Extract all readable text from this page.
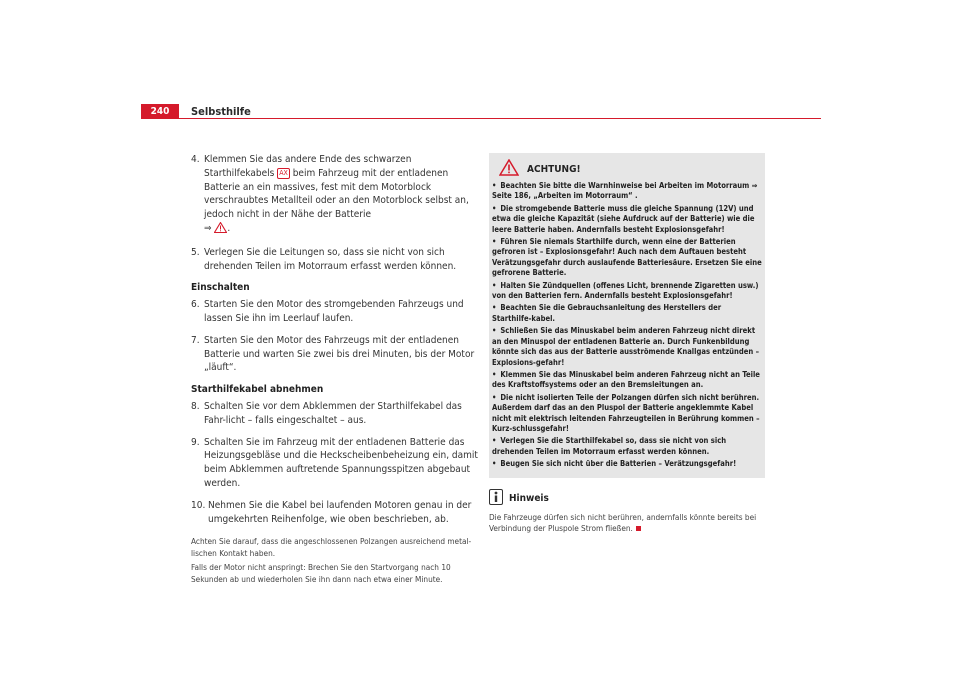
240	Selbsthilfe
4. Klemmen Sie das andere Ende des schwarzen Starthilfekabels AX beim Fahrzeug mit der entladenen Batterie an ein massives, fest mit dem Motorblock verschraubtes Metallteil oder an den Motorblock selbst an, jedoch nicht in der Nähe der Batterie
⇒ .
5. Verlegen Sie die Leitungen so, dass sie nicht von sich drehenden Teilen im Motorraum erfasst werden können.
Einschalten
6. Starten Sie den Motor des stromgebenden Fahrzeugs und lassen Sie ihn im Leerlauf laufen.
7. Starten Sie den Motor des Fahrzeugs mit der entladenen Batterie und warten Sie zwei bis drei Minuten, bis der Motor „läuft“.
Starthilfekabel abnehmen
8. Schalten Sie vor dem Abklemmen der Starthilfekabel das Fahr-licht – falls eingeschaltet – aus.
9. Schalten Sie im Fahrzeug mit der entladenen Batterie das Heizungsgebläse und die Heckscheibenbeheizung ein, damit beim Abklemmen auftretende Spannungsspitzen abgebaut werden.
10. Nehmen Sie die Kabel bei laufenden Motoren genau in der umgekehrten Reihenfolge, wie oben beschrieben, ab.

Achten Sie darauf, dass die angeschlossenen Polzangen ausreichend metal-lischen Kontakt haben.

Falls der Motor nicht anspringt: Brechen Sie den Startvorgang nach 10 Sekunden ab und wiederholen Sie ihn dann nach etwa einer Minute.

ACHTUNG!
• Beachten Sie bitte die Warnhinweise bei Arbeiten im Motorraum ⇒ Seite 186, „Arbeiten im Motorraum“ .
• Die stromgebende Batterie muss die gleiche Spannung (12V) und etwa die gleiche Kapazität (siehe Aufdruck auf der Batterie) wie die leere Batterie haben. Andernfalls besteht Explosionsgefahr!
• Führen Sie niemals Starthilfe durch, wenn eine der Batterien gefroren ist – Explosionsgefahr! Auch nach dem Auftauen besteht Verätzungsgefahr durch auslaufende Batteriesäure. Ersetzen Sie eine gefrorene Batterie.
• Halten Sie Zündquellen (offenes Licht, brennende Zigaretten usw.) von den Batterien fern. Andernfalls besteht Explosionsgefahr!
• Beachten Sie die Gebrauchsanleitung des Herstellers der Starthilfe-kabel.
• Schließen Sie das Minuskabel beim anderen Fahrzeug nicht direkt an den Minuspol der entladenen Batterie an. Durch Funkenbildung könnte sich das aus der Batterie ausströmende Knallgas entzünden – Explosions-gefahr!
• Klemmen Sie das Minuskabel beim anderen Fahrzeug nicht an Teile des Kraftstoffsystems oder an den Bremsleitungen an.
• Die nicht isolierten Teile der Polzangen dürfen sich nicht berühren. Außerdem darf das an den Pluspol der Batterie angeklemmte Kabel nicht mit elektrisch leitenden Fahrzeugteilen in Berührung kommen – Kurz-schlussgefahr!
• Verlegen Sie die Starthilfekabel so, dass sie nicht von sich drehenden Teilen im Motorraum erfasst werden können.
• Beugen Sie sich nicht über die Batterien – Verätzungsgefahr!
Hinweis
Die Fahrzeuge dürfen sich nicht berühren, andernfalls könnte bereits bei Verbindung der Pluspole Strom fließen.
